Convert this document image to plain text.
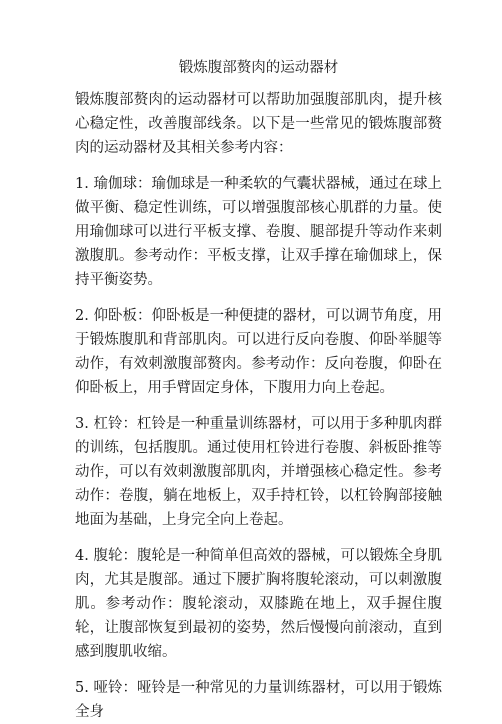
锻炼腹部赘肉的运动器材

锻炼腹部赘肉的运动器材可以帮助加强腹部肌肉，提升核心稳定性，改善腹部线条。以下是一些常见的锻炼腹部赘肉的运动器材及其相关参考内容：

1. 瑜伽球：瑜伽球是一种柔软的气囊状器械，通过在球上做平衡、稳定性训练，可以增强腹部核心肌群的力量。使用瑜伽球可以进行平板支撑、卷腹、腿部提升等动作来刺激腹肌。参考动作：平板支撑，让双手撑在瑜伽球上，保持平衡姿势。

2. 仰卧板：仰卧板是一种便捷的器材，可以调节角度，用于锻炼腹肌和背部肌肉。可以进行反向卷腹、仰卧举腿等动作，有效刺激腹部赘肉。参考动作：反向卷腹，仰卧在仰卧板上，用手臂固定身体，下腹用力向上卷起。

3. 杠铃：杠铃是一种重量训练器材，可以用于多种肌肉群的训练，包括腹肌。通过使用杠铃进行卷腹、斜板卧推等动作，可以有效刺激腹部肌肉，并增强核心稳定性。参考动作：卷腹，躺在地板上，双手持杠铃，以杠铃胸部接触地面为基础，上身完全向上卷起。

4. 腹轮：腹轮是一种简单但高效的器械，可以锻炼全身肌肉，尤其是腹部。通过下腰扩胸将腹轮滚动，可以刺激腹肌。参考动作：腹轮滚动，双膝跪在地上，双手握住腹轮，让腹部恢复到最初的姿势，然后慢慢向前滚动，直到感到腹肌收缩。

5. 哑铃：哑铃是一种常见的力量训练器材，可以用于锻炼全身
